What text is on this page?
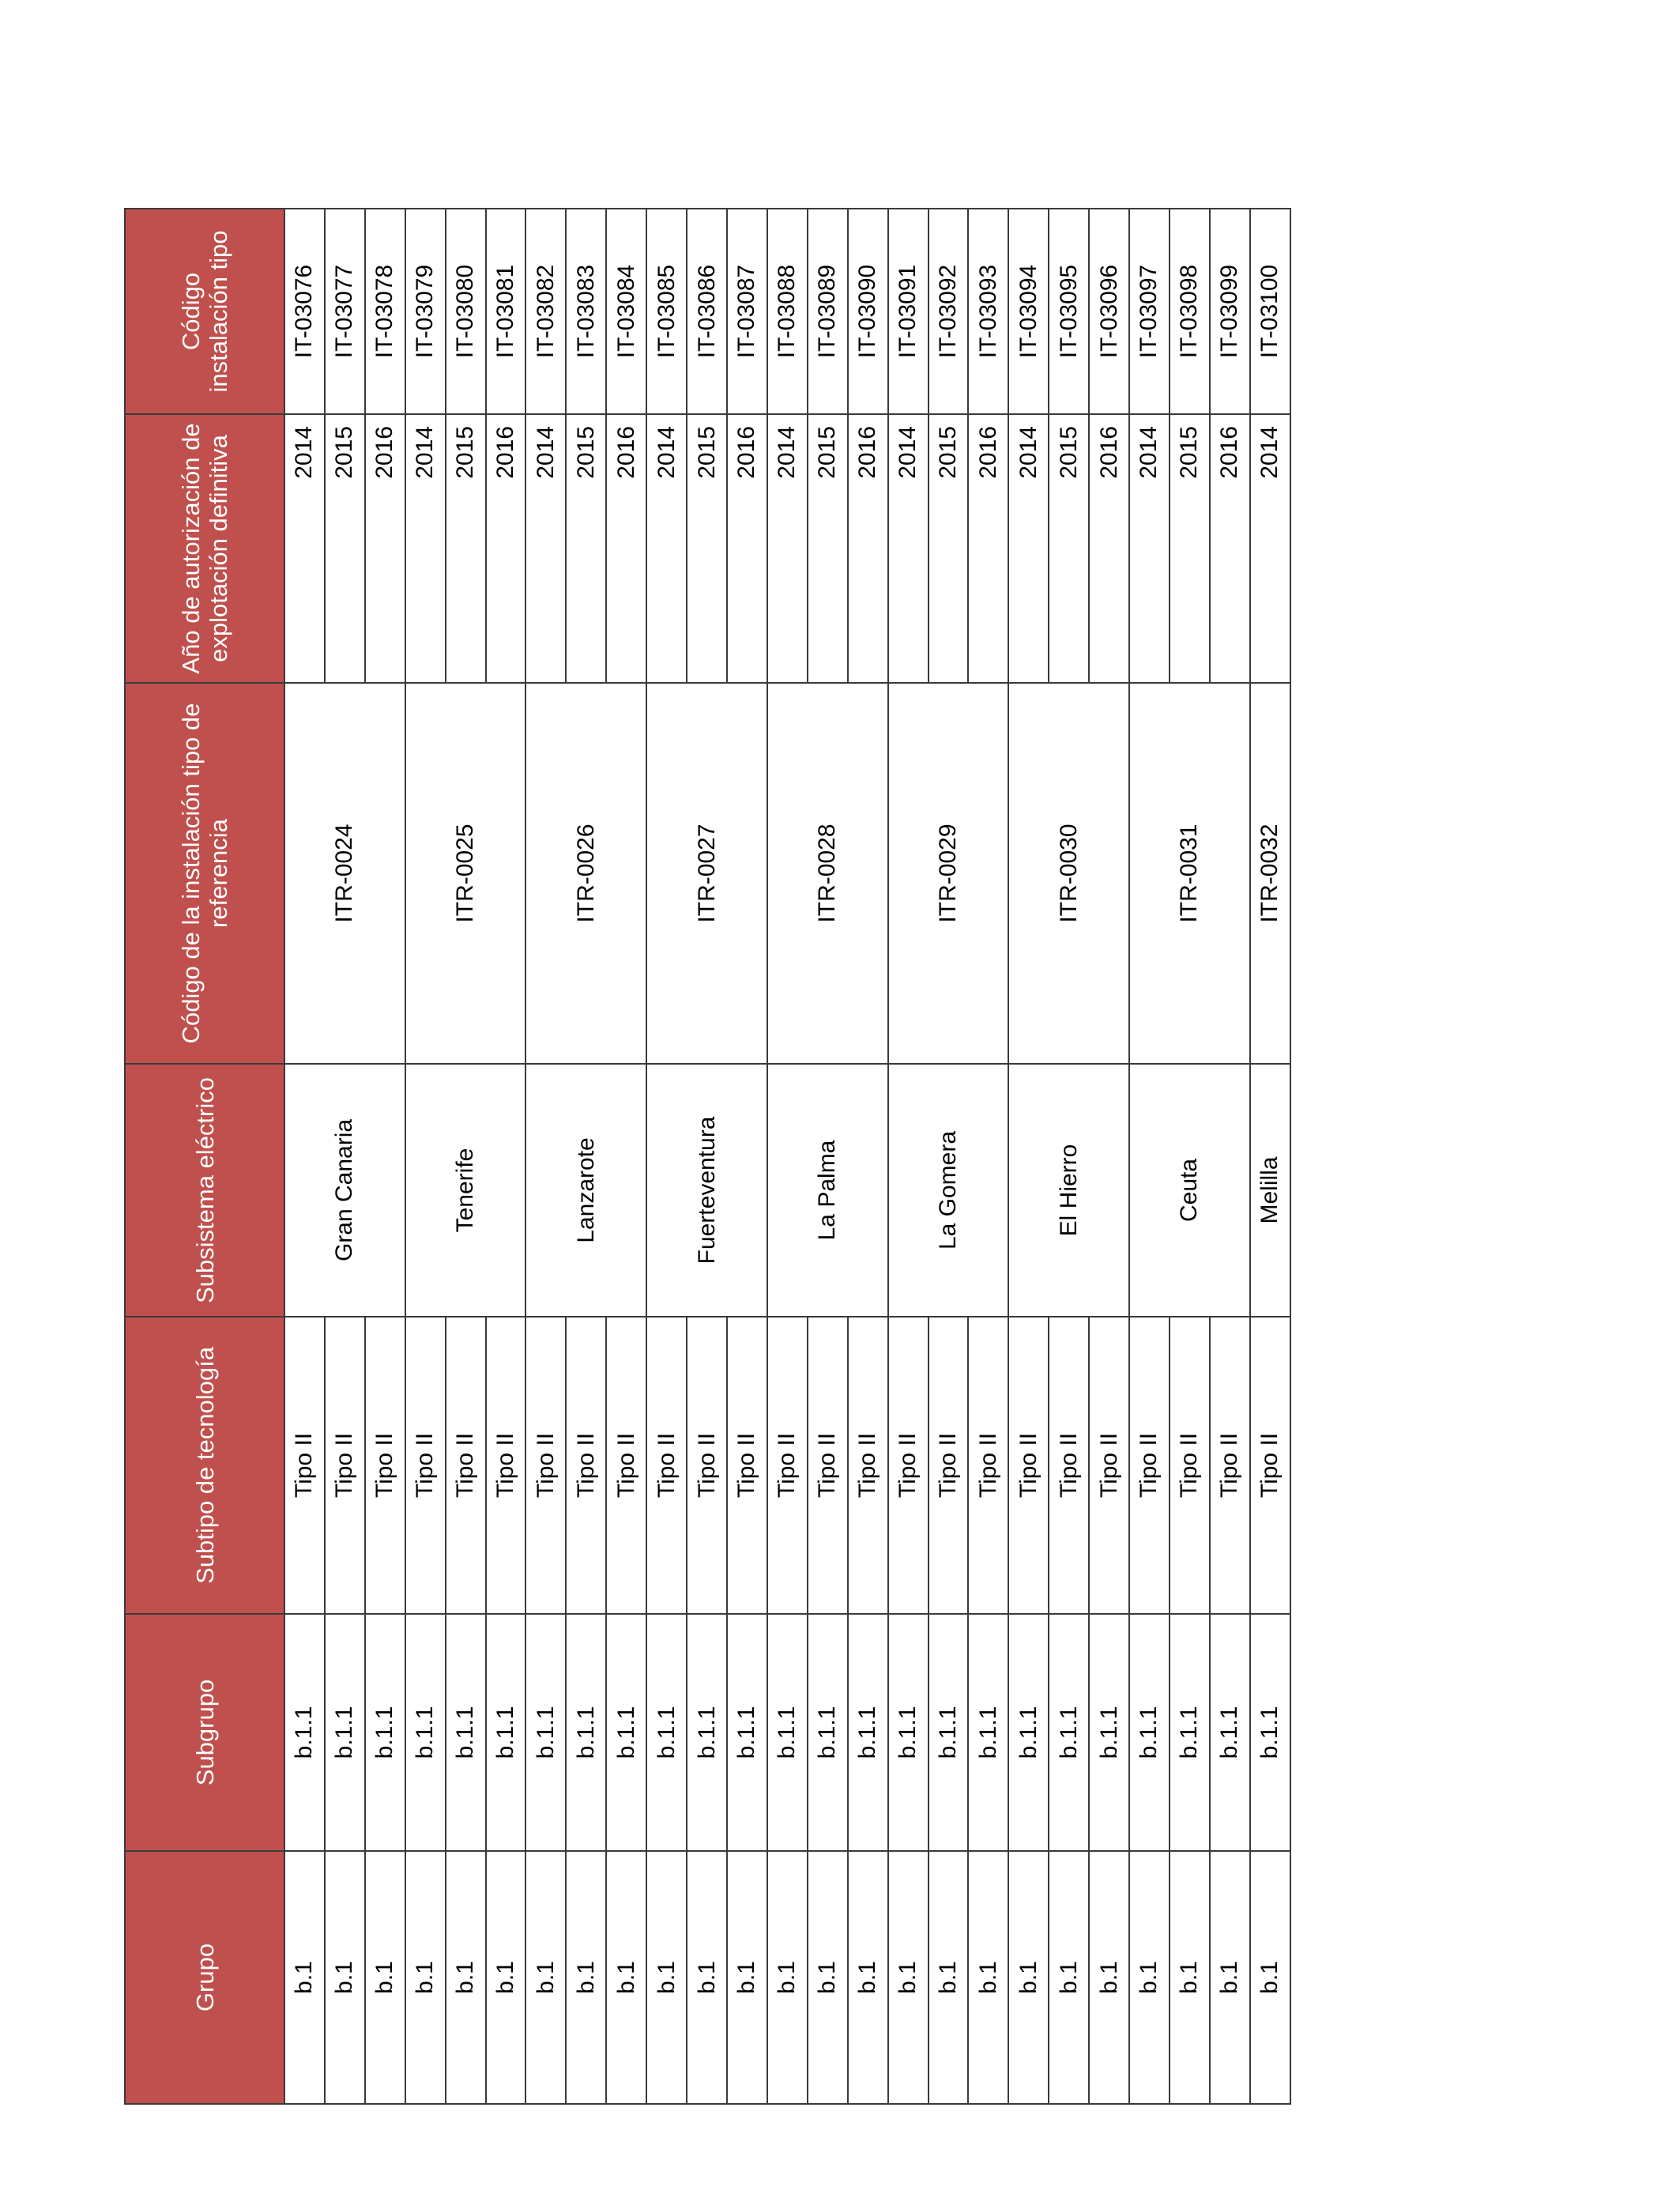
Grupo	Subgrupo	Subtipo de tecnología	Subsistema eléctrico	Código de la instalación tipo de referencia	Año de autorización de explotación definitiva	Código instalación tipo
b.1	b.1.1	Tipo II	Gran Canaria	ITR-0024	2014	IT-03076
b.1	b.1.1	Tipo II			2015	IT-03077
b.1	b.1.1	Tipo II			2016	IT-03078
b.1	b.1.1	Tipo II	Tenerife	ITR-0025	2014	IT-03079
b.1	b.1.1	Tipo II			2015	IT-03080
b.1	b.1.1	Tipo II			2016	IT-03081
b.1	b.1.1	Tipo II	Lanzarote	ITR-0026	2014	IT-03082
b.1	b.1.1	Tipo II			2015	IT-03083
b.1	b.1.1	Tipo II			2016	IT-03084
b.1	b.1.1	Tipo II	Fuerteventura	ITR-0027	2014	IT-03085
b.1	b.1.1	Tipo II			2015	IT-03086
b.1	b.1.1	Tipo II			2016	IT-03087
b.1	b.1.1	Tipo II	La Palma	ITR-0028	2014	IT-03088
b.1	b.1.1	Tipo II			2015	IT-03089
b.1	b.1.1	Tipo II			2016	IT-03090
b.1	b.1.1	Tipo II	La Gomera	ITR-0029	2014	IT-03091
b.1	b.1.1	Tipo II			2015	IT-03092
b.1	b.1.1	Tipo II			2016	IT-03093
b.1	b.1.1	Tipo II	El Hierro	ITR-0030	2014	IT-03094
b.1	b.1.1	Tipo II			2015	IT-03095
b.1	b.1.1	Tipo II			2016	IT-03096
b.1	b.1.1	Tipo II	Ceuta	ITR-0031	2014	IT-03097
b.1	b.1.1	Tipo II			2015	IT-03098
b.1	b.1.1	Tipo II			2016	IT-03099
b.1	b.1.1	Tipo II	Melilla	ITR-0032	2014	IT-03100
